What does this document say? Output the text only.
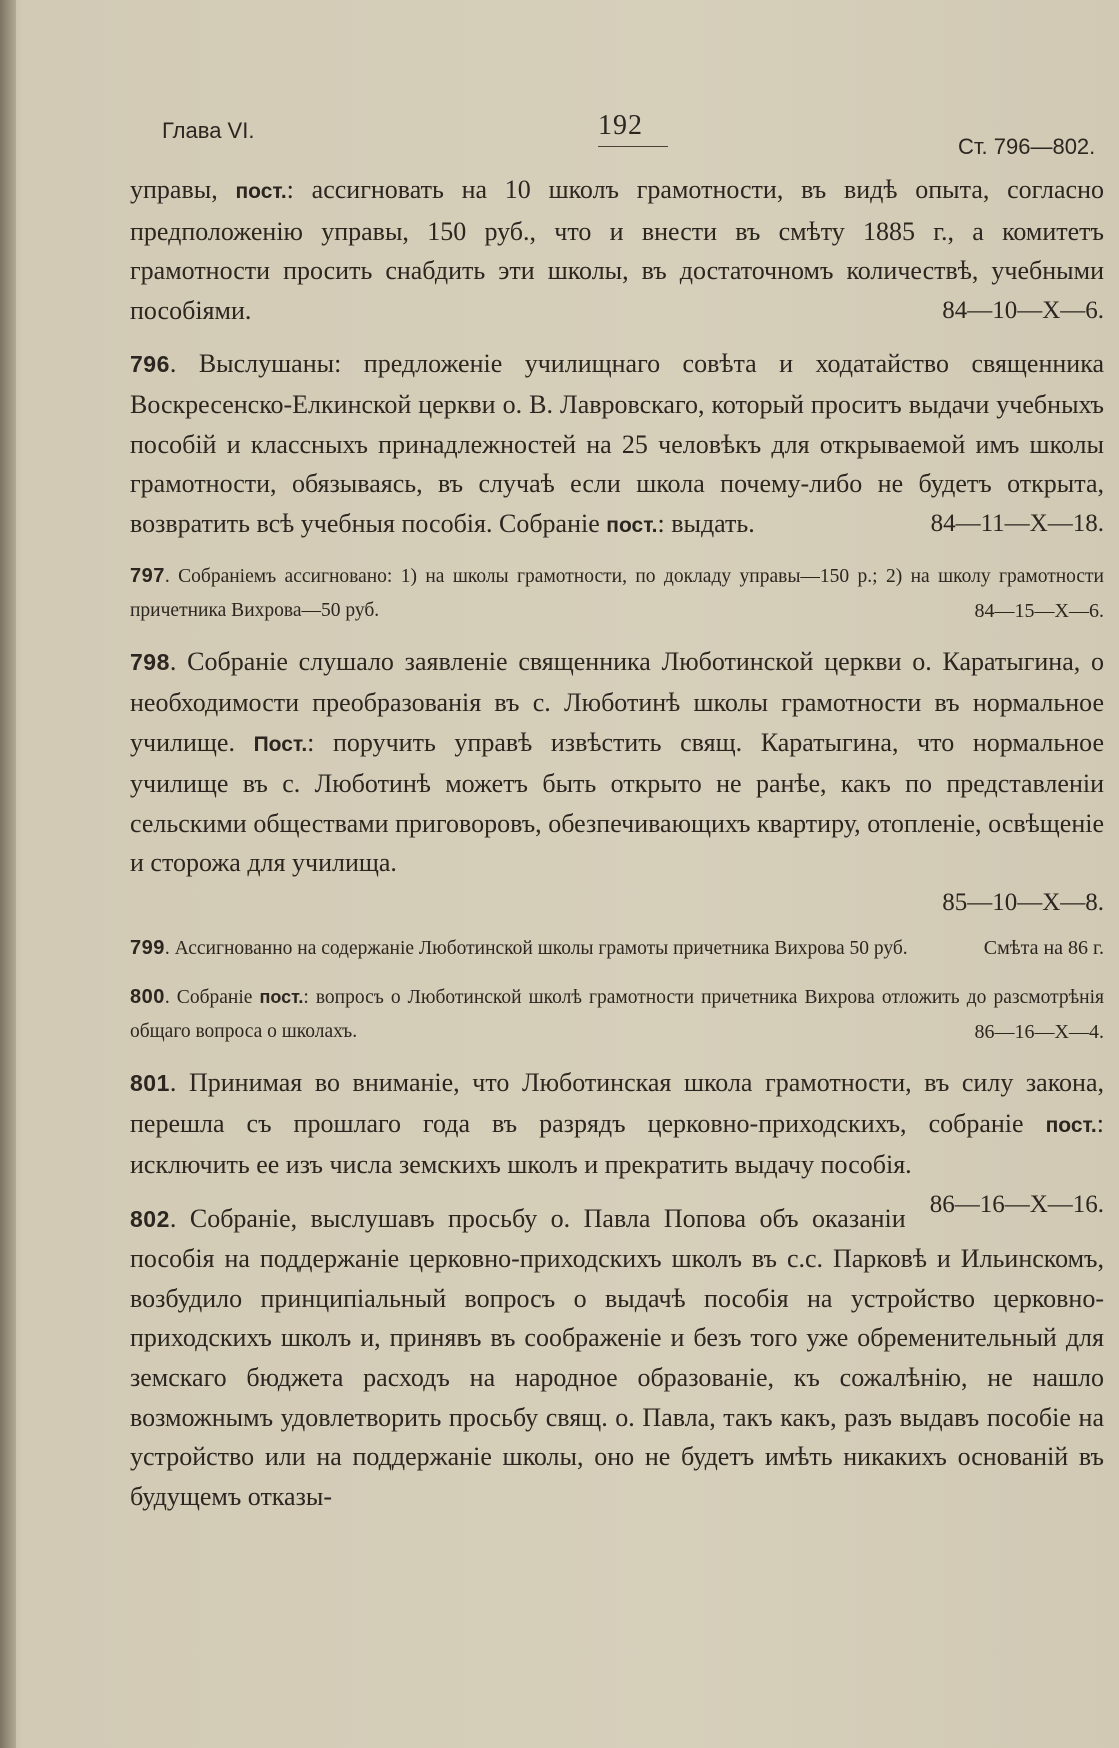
Глава VI.	192
Ст. 796—802.

управы, пост.: ассигновать на 10 школъ грамотности, въ видѣ опыта, согласно предположенію управы, 150 руб., что и внести въ смѣту 1885 г., а комитетъ грамотности просить снабдить эти школы, въ достаточномъ количествѣ, учебными пособіями.	84—10—X—6.

796. Выслушаны: предложеніе училищнаго совѣта и ходатайство священника Воскресенско-Елкинской церкви о. В. Лавровскаго, который проситъ выдачи учебныхъ пособій и классныхъ принадлежностей на 25 человѣкъ для открываемой имъ школы грамотности, обязываясь, въ случаѣ если школа почему-либо не будетъ открыта, возвратить всѣ учебныя пособія. Собраніе пост.: выдать.	84—11—X—18.

797. Собраніемъ ассигновано: 1) на школы грамотности, по докладу управы—150 р.; 2) на школу грамотности причетника Вихрова—50 руб.	84—15—X—6.

798. Собраніе слушало заявленіе священника Люботинской церкви о. Каратыгина, о необходимости преобразованія въ с. Люботинѣ школы грамотности въ нормальное училище. Пост.: поручить управѣ извѣстить свящ. Каратыгина, что нормальное училище въ с. Люботинѣ можетъ быть открыто не ранѣе, какъ по представленіи сельскими обществами приговоровъ, обезпечивающихъ квартиру, отопленіе, освѣщеніе и сторожа для училища.

85—10—X—8.

799. Ассигнованно на содержаніе Люботинской школы грамоты причетника Вихрова 50 руб.	Смѣта на 86 г.

800. Собраніе пост.: вопросъ о Люботинской школѣ грамотности причетника Вихрова отложить до разсмотрѣнія общаго вопроса о школахъ.	86—16—X—4.

801. Принимая во вниманіе, что Люботинская школа грамотности, въ силу закона, перешла съ прошлаго года въ разрядъ церковно-приходскихъ, собраніе пост.: исключить ее изъ числа земскихъ школъ и прекратить выдачу пособія.
86—16—X—16.

802. Собраніе, выслушавъ просьбу о. Павла Попова объ оказаніи пособія на поддержаніе церковно-приходскихъ школъ въ с.с. Парковѣ и Ильинскомъ, возбудило принципіальный вопросъ о выдачѣ пособія на устройство церковно-приходскихъ школъ и, принявъ въ соображеніе и безъ того уже обременительный для земскаго бюджета расходъ на народное образованіе, къ сожалѣнію, не нашло возможнымъ удовлетворить просьбу свящ. о. Павла, такъ какъ, разъ выдавъ пособіе на устройство или на поддержаніе школы, оно не будетъ имѣть никакихъ основаній въ будущемъ отказы-
